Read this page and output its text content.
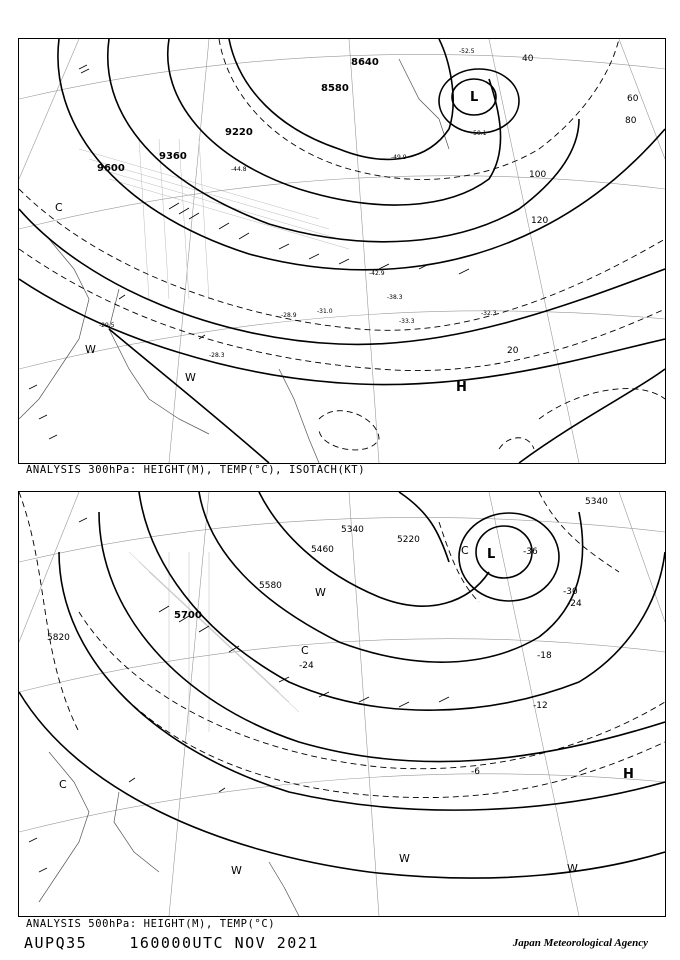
8640
8580
9220
9360
9600
40
60
80
100
120
20
-52.5
-50.1
-49.9
-44.8
-42.9
-38.3
-33.3
-31.0
-29.5
-28.3
-28.9	-32.3
L
H
C
W
W
ANALYSIS 300hPa: HEIGHT(M), TEMP(°C), ISOTACH(KT)
5340
5220
5460
5580
5700
5820
5340
-36
-30
-24
-18
-12
-6
-24
L
H
C
C
C
W
W
W
W
ANALYSIS 500hPa: HEIGHT(M), TEMP(°C)
AUPQ35	160000UTC NOV 2021	Japan Meteorological Agency
